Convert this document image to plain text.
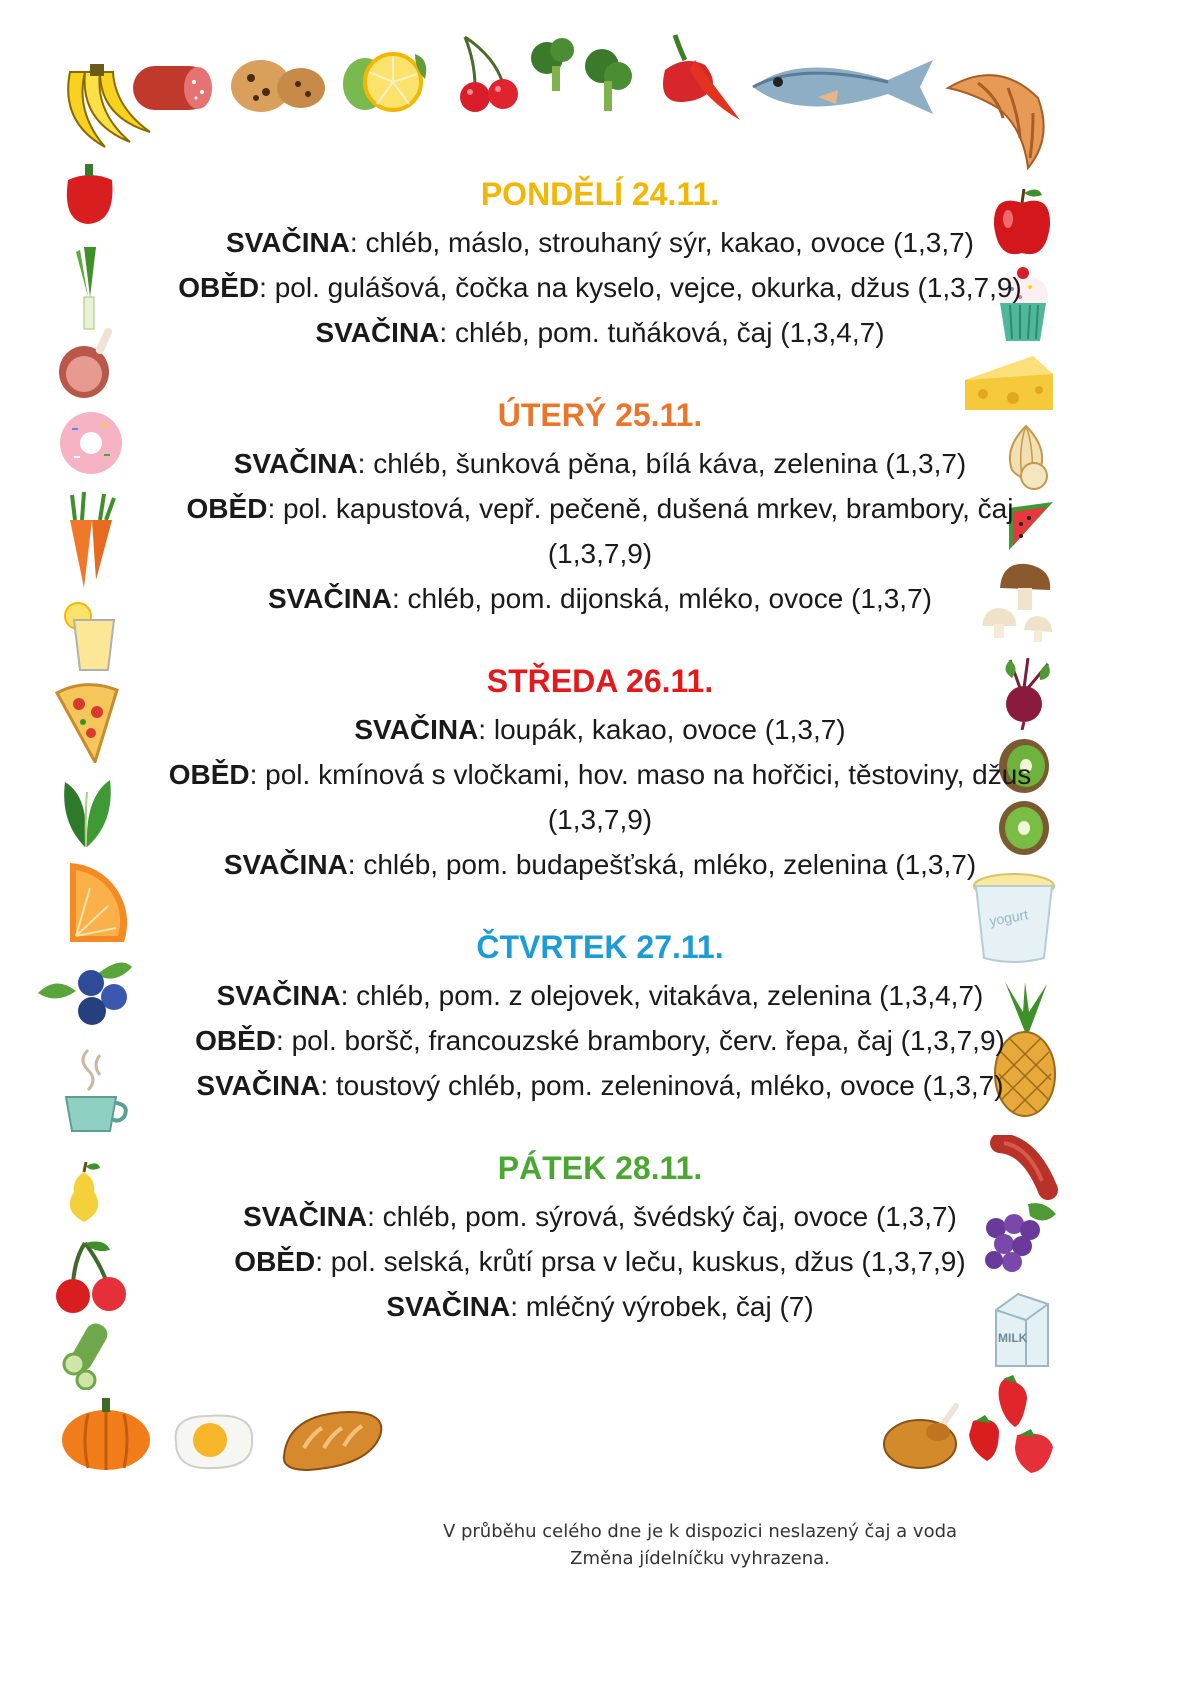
yogurt
MILK
PONDĚLÍ 24.11.
SVAČINA: chléb, máslo, strouhaný sýr, kakao, ovoce (1,3,7)
OBĚD: pol. gulášová, čočka na kyselo, vejce, okurka, džus (1,3,7,9)
SVAČINA: chléb, pom. tuňáková, čaj (1,3,4,7)
ÚTERÝ 25.11.
SVAČINA: chléb, šunková pěna, bílá káva, zelenina (1,3,7)
OBĚD: pol. kapustová, vepř. pečeně, dušená mrkev, brambory, čaj (1,3,7,9)
SVAČINA: chléb, pom. dijonská, mléko, ovoce (1,3,7)
STŘEDA 26.11.
SVAČINA: loupák, kakao, ovoce (1,3,7)
OBĚD: pol. kmínová s vločkami, hov. maso na hořčici, těstoviny, džus (1,3,7,9)
SVAČINA: chléb, pom. budapešťská, mléko, zelenina (1,3,7)
ČTVRTEK 27.11.
SVAČINA: chléb, pom. z olejovek, vitakáva, zelenina (1,3,4,7)
OBĚD: pol. boršč, francouzské brambory, červ. řepa, čaj (1,3,7,9)
SVAČINA: toustový chléb, pom. zeleninová, mléko, ovoce (1,3,7)
PÁTEK 28.11.
SVAČINA: chléb, pom. sýrová, švédský čaj, ovoce (1,3,7)
OBĚD: pol. selská, krůtí prsa v leču, kuskus, džus (1,3,7,9)
SVAČINA: mléčný výrobek, čaj (7)
V průběhu celého dne je k dispozici neslazený čaj a voda
Změna jídelníčku vyhrazena.
